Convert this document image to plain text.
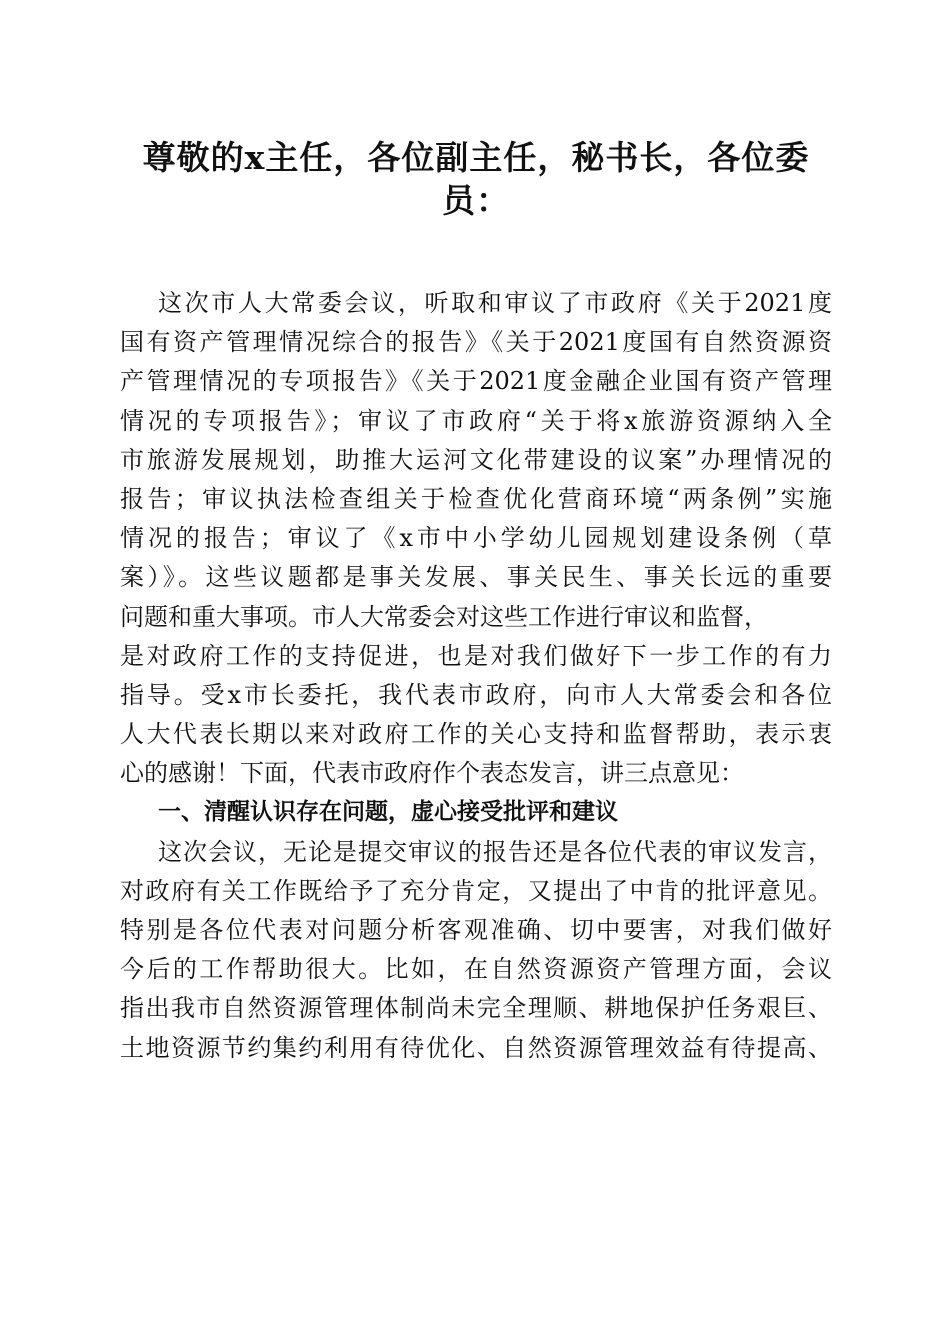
尊敬的x主任，各位副主任，秘书长，各位委
员：
这次市人大常委会议，听取和审议了市政府《关于2021度
国有资产管理情况综合的报告》《关于2021度国有自然资源资
产管理情况的专项报告》《关于2021度金融企业国有资产管理
情况的专项报告》；审议了市政府“关于将x旅游资源纳入全
市旅游发展规划，助推大运河文化带建设的议案”办理情况的
报告；审议执法检查组关于检查优化营商环境“两条例”实施
情况的报告；审议了《x市中小学幼儿园规划建设条例（草
案）》。这些议题都是事关发展、事关民生、事关长远的重要
问题和重大事项。市人大常委会对这些工作进行审议和监督，
是对政府工作的支持促进，也是对我们做好下一步工作的有力
指导。受x市长委托，我代表市政府，向市人大常委会和各位
人大代表长期以来对政府工作的关心支持和监督帮助，表示衷
心的感谢！下面，代表市政府作个表态发言，讲三点意见：
一、清醒认识存在问题，虚心接受批评和建议
这次会议，无论是提交审议的报告还是各位代表的审议发言，
对政府有关工作既给予了充分肯定，又提出了中肯的批评意见。
特别是各位代表对问题分析客观准确、切中要害，对我们做好
今后的工作帮助很大。比如，在自然资源资产管理方面，会议
指出我市自然资源管理体制尚未完全理顺、耕地保护任务艰巨、
土地资源节约集约利用有待优化、自然资源管理效益有待提高、
